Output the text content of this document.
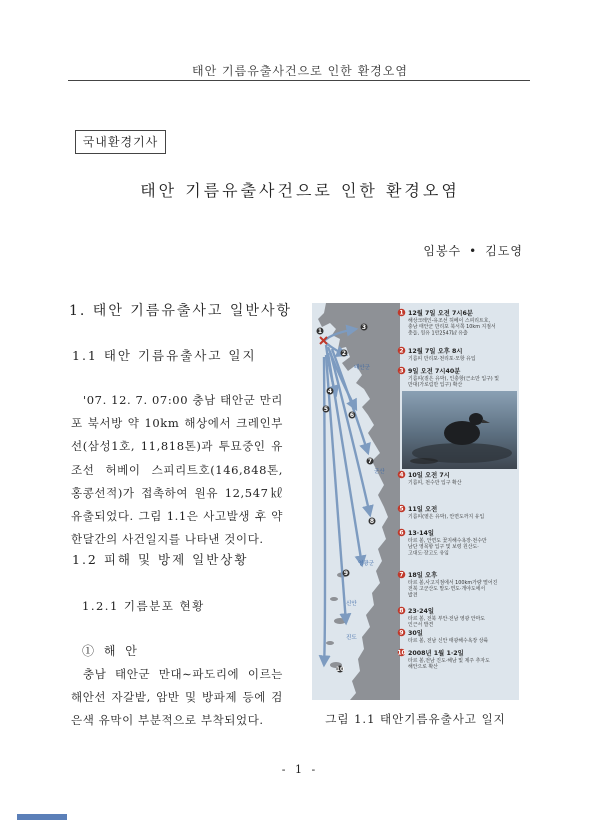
태안 기름유출사건으로 인한 환경오염
국내환경기사
태안 기름유출사건으로 인한 환경오염
임봉수 • 김도영
1. 태안 기름유출사고 일반사항
1.1 태안 기름유출사고 일지
'07. 12. 7. 07:00 충남 태안군 만리포 북서방 약 10km 해상에서 크레인부선(삼성1호, 11,818톤)과 투묘중인 유조선 허베이 스피리트호(146,848톤, 홍콩선적)가 접촉하여 원유 12,547㎘ 유출되었다. 그림 1.1은 사고발생 후 약 한달간의 사건일지를 나타낸 것이다.
1.2 피해 및 방제 일반상황
1.2.1 기름분포 현황
① 해 안
충남 태안군 만대∼파도리에 이르는 해안선 자갈밭, 암반 및 방파제 등에 검은색 유막이 부분적으로 부착되었다.
1
2
3
4
5
6
7
8
9
10
태안군
군산
영광군
신안
진도
1 12월 7일 오전 7시6분
해상크레인-유조선 허베이 스피리트호,
충남 태안군 만리포 북서쪽 10km 지점서
충돌, 원유 1만2547㎘ 유출
2 12월 7일 오후 8시
기름띠 만리포·천리포·모항 유입
3 9일 오전 7시40분
기름띠(짙은 유막), 인충항(근소만 입구) 및
만대(가로림만 입구) 확산
4 10일 오전 7시
기름띠, 천수만 입구 확산
5 11일 오전
기름띠(옅은 유막), 안면도까지 유입
6 13·14일
타르 볼, 안면도 꽃지해수욕장·천수만
남단 영목항 입구 및 보령 원산도·
고대도·장고도 유입
7 18일 오후
타르 볼,사고지점에서 100km가량 떨어진
전북 고군산도 말도·연도·개야도에서
발견
8 23·24일
타르 볼, 전북 부안·전남 영광 안마도
인근서 발견
9 30일
타르 볼, 전남 신안 태광해수욕장 상륙
10 2008년 1월 1·2일
타르 볼,전남 진도·해남 및 제주 추자도
해안으로 확산
그림 1.1 태안기름유출사고 일지
- 1 -
